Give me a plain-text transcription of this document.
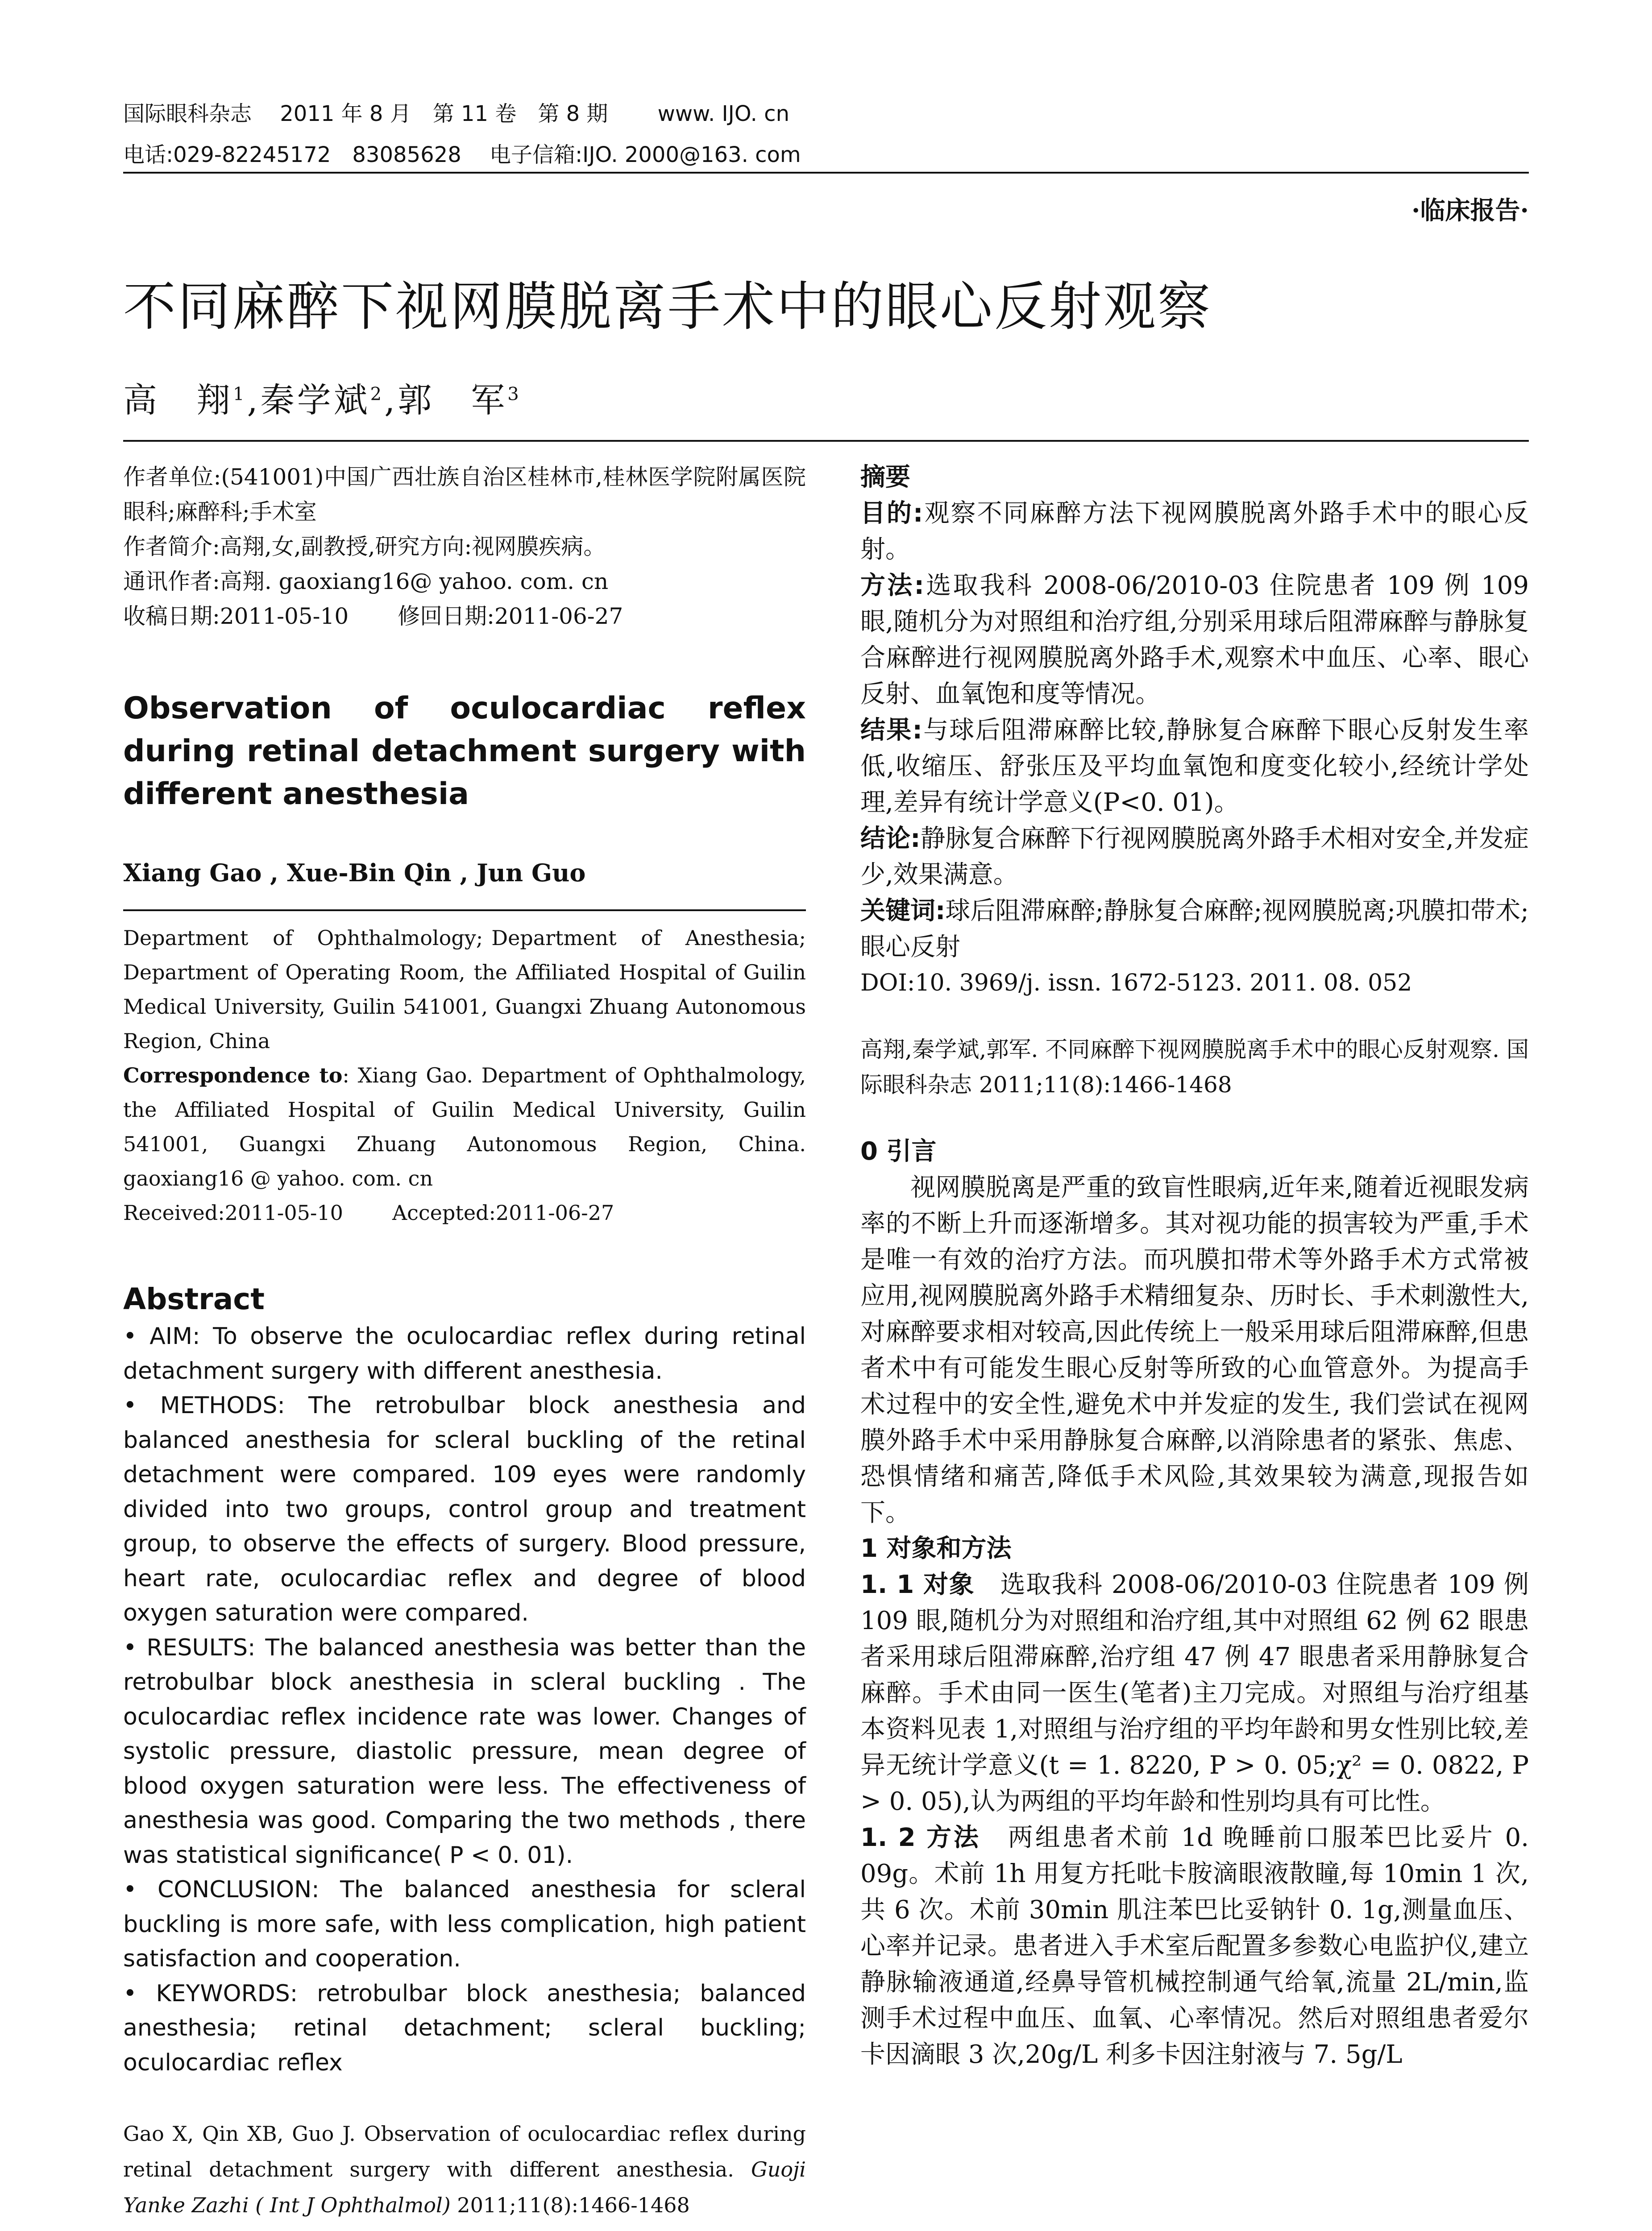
国际眼科杂志　 2011 年 8 月　第 11 卷　第 8 期　　 www. IJO. cn
电话:029-82245172　83085628　 电子信箱:IJO. 2000@163. com
·临床报告·
不同麻醉下视网膜脱离手术中的眼心反射观察
高　翔$^1$,秦学斌$^2$,郭　军$^3$

作者单位:(541001)中国广西壮族自治区桂林市,桂林医学院附属医院眼科;麻醉科;手术室

作者简介:高翔,女,副教授,研究方向:视网膜疾病。

通讯作者:高翔. gaoxiang16@ yahoo. com. cn

收稿日期:2011-05-10 修回日期:2011-06-27

Observation of oculocardiac reflex during retinal detachment surgery with different anesthesia
Xiang Gao , Xue-Bin Qin , Jun Guo

Department　of　Ophthalmology; Department　of　Anesthesia; Department of Operating Room, the Affiliated Hospital of Guilin Medical University, Guilin 541001, Guangxi Zhuang Autonomous Region, China

Correspondence to: Xiang Gao. Department of Ophthalmology, the Affiliated Hospital of Guilin Medical University, Guilin 541001, Guangxi Zhuang Autonomous Region, China. gaoxiang16 @ yahoo. com. cn

Received:2011-05-10 Accepted:2011-06-27

Abstract

• AIM: To observe the oculocardiac reflex during retinal detachment surgery with different anesthesia.

• METHODS: The retrobulbar block anesthesia and balanced anesthesia for scleral buckling of the retinal detachment were compared. 109 eyes were randomly divided into two groups, control group and treatment group, to observe the effects of surgery. Blood pressure, heart rate, oculocardiac reflex and degree of blood oxygen saturation were compared.

• RESULTS: The balanced anesthesia was better than the retrobulbar block anesthesia in scleral buckling . The oculocardiac reflex incidence rate was lower. Changes of systolic pressure, diastolic pressure, mean degree of blood oxygen saturation were less. The effectiveness of anesthesia was good. Comparing the two methods , there was statistical significance( P < 0. 01).

• CONCLUSION: The balanced anesthesia for scleral buckling is more safe, with less complication, high patient satisfaction and cooperation.

• KEYWORDS: retrobulbar block anesthesia; balanced anesthesia; retinal detachment; scleral buckling; oculocardiac reflex

Gao X, Qin XB, Guo J. Observation of oculocardiac reflex during retinal detachment surgery with different anesthesia. Guoji Yanke Zazhi ( Int J Ophthalmol) 2011;11(8):1466-1468

摘要

目的:观察不同麻醉方法下视网膜脱离外路手术中的眼心反射。

方法:选取我科 2008-06/2010-03 住院患者 109 例 109 眼,随机分为对照组和治疗组,分别采用球后阻滞麻醉与静脉复合麻醉进行视网膜脱离外路手术,观察术中血压、心率、眼心反射、血氧饱和度等情况。

结果:与球后阻滞麻醉比较,静脉复合麻醉下眼心反射发生率低,收缩压、舒张压及平均血氧饱和度变化较小,经统计学处理,差异有统计学意义(P<0. 01)。

结论:静脉复合麻醉下行视网膜脱离外路手术相对安全,并发症少,效果满意。

关键词:球后阻滞麻醉;静脉复合麻醉;视网膜脱离;巩膜扣带术; 眼心反射

DOI:10. 3969/j. issn. 1672-5123. 2011. 08. 052

高翔,秦学斌,郭军. 不同麻醉下视网膜脱离手术中的眼心反射观察. 国际眼科杂志 2011;11(8):1466-1468

0 引言

视网膜脱离是严重的致盲性眼病,近年来,随着近视眼发病率的不断上升而逐渐增多。其对视功能的损害较为严重,手术是唯一有效的治疗方法。而巩膜扣带术等外路手术方式常被应用,视网膜脱离外路手术精细复杂、历时长、手术刺激性大,对麻醉要求相对较高,因此传统上一般采用球后阻滞麻醉,但患者术中有可能发生眼心反射等所致的心血管意外。为提高手术过程中的安全性,避免术中并发症的发生, 我们尝试在视网膜外路手术中采用静脉复合麻醉,以消除患者的紧张、焦虑、恐惧情绪和痛苦,降低手术风险,其效果较为满意,现报告如下。

1 对象和方法

1. 1 对象　选取我科 2008-06/2010-03 住院患者 109 例 109 眼,随机分为对照组和治疗组,其中对照组 62 例 62 眼患者采用球后阻滞麻醉,治疗组 47 例 47 眼患者采用静脉复合麻醉。手术由同一医生(笔者)主刀完成。对照组与治疗组基本资料见表 1,对照组与治疗组的平均年龄和男女性别比较,差异无统计学意义(t = 1. 8220, P > 0. 05;χ² = 0. 0822, P > 0. 05),认为两组的平均年龄和性别均具有可比性。

1. 2 方法　两组患者术前 1d 晚睡前口服苯巴比妥片 0. 09g。术前 1h 用复方托吡卡胺滴眼液散瞳,每 10min 1 次,共 6 次。术前 30min 肌注苯巴比妥钠针 0. 1g,测量血压、心率并记录。患者进入手术室后配置多参数心电监护仪,建立静脉输液通道,经鼻导管机械控制通气给氧,流量 2L/min,监测手术过程中血压、血氧、心率情况。然后对照组患者爱尔卡因滴眼 3 次,20g/L 利多卡因注射液与 7. 5g/L
